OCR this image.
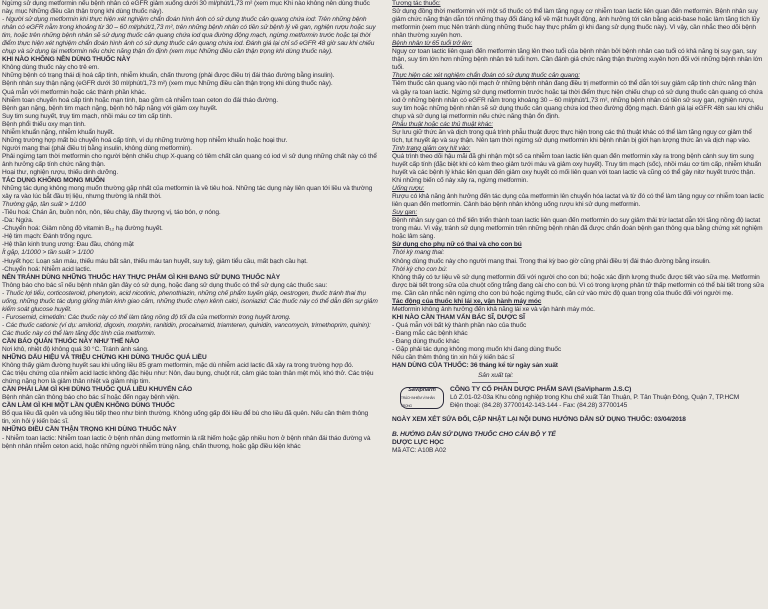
Ngừng sử dụng metformin nếu bệnh nhân có eGFR giảm xuống dưới 30 ml/phút/1,73 m² (xem mục Khi nào không nên dùng thuốc này, mục Những điều cần thận trọng khi dùng thuốc này).

- Người sử dụng metformin khi thực hiện xét nghiệm chẩn đoán hình ảnh có sử dụng thuốc cản quang chứa iod: Trên những bệnh nhân có eGFR nằm trong khoảng từ 30 – 60 ml/phút/1,73 m², trên những bệnh nhân có tiền sử bệnh lý về gan, nghiện rượu hoặc suy tim, hoặc trên những bệnh nhân sẽ sử dụng thuốc cản quang chứa iod qua đường động mạch, ngừng metformin trước hoặc tại thời điểm thực hiện xét nghiệm chẩn đoán hình ảnh có sử dụng thuốc cản quang chứa iod. Đánh giá lại chỉ số eGFR 48 giờ sau khi chiếu chụp và sử dụng lại metformin nếu chức năng thận ổn định (xem mục Những điều cần thận trọng khi dùng thuốc này).

KHI NÀO KHÔNG NÊN DÙNG THUỐC NÀY

Không dùng thuốc này cho trẻ em.

Những bệnh có trạng thái dị hoá cấp tính, nhiễm khuẩn, chấn thương (phải được điều trị đái tháo đường bằng insulin).

Bệnh nhân suy thận nặng (eGFR dưới 30 ml/phút/1,73 m²) (xem mục Những điều cần thận trọng khi dùng thuốc này).

Quá mẫn với metformin hoặc các thành phần khác.

Nhiễm toan chuyển hoá cấp tính hoặc mạn tính, bao gồm cả nhiễm toan ceton do đái tháo đường.

Bệnh gan nặng, bệnh tim mạch nặng, bệnh hô hấp nặng với giảm oxy huyết.

Suy tim sung huyết, trụy tim mạch, nhồi máu cơ tim cấp tính.

Bệnh phổi thiếu oxy mạn tính.

Nhiễm khuẩn nặng, nhiễm khuẩn huyết.

Những trường hợp mất bù chuyển hoá cấp tính, ví dụ những trường hợp nhiễm khuẩn hoặc hoại thư.

Người mang thai (phải điều trị bằng insulin, không dùng metformin).

Phải ngừng tạm thời metformin cho người bệnh chiếu chụp X-quang có tiêm chất cản quang có iod vì sử dụng những chất này có thể ảnh hưởng cấp tính chức năng thận.

Hoại thư, nghiện rượu, thiếu dinh dưỡng.

TÁC DỤNG KHÔNG MONG MUỐN

Những tác dụng không mong muốn thường gặp nhất của metformin là về tiêu hoá. Những tác dụng này liên quan tới liều và thường xảy ra vào lúc bắt đầu trị liệu, nhưng thường là nhất thời.

Thường gặp, tần suất > 1/100

-Tiêu hoá: Chán ăn, buồn nôn, nôn, tiêu chảy, đầy thượng vị, táo bón, ợ nóng.

-Da: Ngứa.

-Chuyển hoá: Giảm nồng độ vitamin B₁₂ hạ đường huyết.

-Hệ tim mạch: Đánh trống ngực.

-Hệ thần kinh trung ương: Đau đầu, chóng mặt

Ít gặp, 1/1000 > tần suất > 1/100

-Huyết học: Loạn sản máu, thiếu máu bất sản, thiếu máu tan huyết, suy tuỷ, giảm tiểu cầu, mất bạch cầu hạt.

-Chuyển hoá: Nhiễm acid lactic.

NÊN TRÁNH DÙNG NHỮNG THUỐC HAY THỰC PHẨM GÌ KHI ĐANG SỬ DỤNG THUỐC NÀY

Thông báo cho bác sĩ nếu bệnh nhân gần đây có sử dụng, hoặc đang sử dụng thuốc có thể sử dụng các thuốc sau:

- Thuốc lợi tiểu, corticosteroid, phenytoin, acid nicotinic, phenothiazin, những chế phẩm tuyến giáp, oestrogen, thuốc tránh thai thụ uống, những thuốc tác dụng giống thần kinh giao cảm, những thuốc chẹn kênh calci, isoniazid: Các thuốc này có thể dẫn đến sự giảm kiểm soát glucose huyết.

- Furosemid, cimetidin: Các thuốc này có thể làm tăng nồng độ tối đa của metformin trong huyết tương.

- Các thuốc cationic (ví dụ: amilorid, digoxin, morphin, ranitidin, procainamid, triamteren, quinidin, vancomycin, trimethoprim, quinin): Các thuốc này có thể làm tăng độc tính của metformin.

CẦN BÁO QUẢN THUỐC NÀY NHƯ THẾ NÀO

Nơi khô, nhiệt độ không quá 30 °C. Tránh ánh sáng.

NHỮNG DẤU HIỆU VÀ TRIỆU CHỨNG KHI DÙNG THUỐC QUÁ LIỀU

Không thấy giảm đường huyết sau khi uống liều 85 gram metformin, mặc dù nhiễm acid lactic đã xảy ra trong trường hợp đó.

Các triệu chứng của nhiễm acid lactic không đặc hiệu như: Nôn, đau bụng, chuột rút, cảm giác toàn thân mệt mỏi, khó thở. Các triệu chứng nặng hơn là giảm thân nhiệt và giảm nhịp tim.

CẦN PHẢI LÀM GÌ KHI DÙNG THUỐC QUÁ LIỀU KHUYẾN CÁO

Bệnh nhân cần thông báo cho bác sĩ hoặc đến ngay bệnh viện.

CẦN LÀM GÌ KHI MỘT LẦN QUÊN KHÔNG DÙNG THUỐC

Bổ qua liều đã quên và uống liều tiếp theo như bình thường. Không uống gấp đôi liều để bù cho liều đã quên. Nếu cần thêm thông tin, xin hỏi ý kiến bác sĩ.

NHỮNG ĐIỀU CẦN THẬN TRỌNG KHI DÙNG THUỐC NÀY

- Nhiễm toan lactic: Nhiễm toan lactic ở bệnh nhân dùng metformin là rất hiếm hoặc gặp nhiều hơn ở bệnh nhân đái tháo đường và bệnh nhân nhiễm ceton acid, hoặc những người nhiễm trùng nặng, chấn thương, hoặc gặp điều kiện khác

Tương tác thuốc:

Sử dụng đồng thời metformin với một số thuốc có thể làm tăng nguy cơ nhiễm toan lactic liên quan đến metformin. Bệnh nhân suy giảm chức năng thận dẫn tới những thay đổi đáng kể về mặt huyết động, ảnh hưởng tới cân bằng acid-base hoặc làm tăng tích lũy metformin (xem mục Nên tránh dùng những thuốc hay thực phẩm gì khi đang sử dụng thuốc này). Vì vậy, cần nhắc theo dõi bệnh nhân thường xuyên hơn.

Bệnh nhân từ 65 tuổi trở lên:

Nguy cơ toan lactic liên quan đến metformin tăng lên theo tuổi của bệnh nhân bởi bệnh nhân cao tuổi có khả năng bị suy gan, suy thận, suy tim lớn hơn những bệnh nhân trẻ tuổi hơn. Cần đánh giá chức năng thận thường xuyên hơn đối với những bệnh nhân lớn tuổi.

Thực hiện các xét nghiệm chẩn đoán có sử dụng thuốc cản quang:

Tiêm thuốc cản quang vào nội mạch ở những bệnh nhân đang điều trị metformin có thể dẫn tới suy giảm cấp tính chức năng thận và gây ra toan lactic. Ngừng sử dụng metformin trước hoặc tại thời điểm thực hiện chiếu chụp có sử dụng thuốc cản quang có chứa iod ở những bệnh nhân có eGFR nằm trong khoảng 30 – 60 ml/phút/1,73 m², những bệnh nhân có tiền sử suy gan, nghiện rượu, suy tim hoặc những bệnh nhân sẽ sử dụng thuốc cản quang chứa iod theo đường động mạch. Đánh giá lại eGFR 48h sau khi chiếu chụp và sử dụng lại metformin nếu chức năng thận ổn định.

Phẫu thuật hoặc các thủ thuật khác:

Sự lưu giữ thức ăn và dịch trong quá trình phẫu thuật được thực hiện trong các thủ thuật khác có thể làm tăng nguy cơ giảm thể tích, tụt huyết áp và suy thận. Nên tạm thời ngừng sử dụng metformin khi bệnh nhân bị giới hạn lượng thức ăn và dịch nạp vào.

Tình trạng giảm oxy hít vào:

Quá trình theo dõi hậu mãi đã ghi nhận một số ca nhiễm toan lactic liên quan đến metformin xảy ra trong bệnh cảnh suy tim sung huyết cấp tính (đặc biệt khi có kèm theo giảm tưới máu và giảm oxy huyết). Truy tim mạch (sốc), nhồi máu cơ tim cấp, nhiễm khuẩn huyết và các bệnh lý khác liên quan đến giảm oxy huyết có mối liên quan với toan lactic và cũng có thể gây nitơ huyết trước thận. Khi những biến cố này xảy ra, ngừng metformin.

Uống rượu:

Rượu có khả năng ảnh hưởng đến tác dụng của metformin lên chuyển hóa lactat và từ đó có thể làm tăng nguy cơ nhiễm toan lactic liên quan đến metformin. Cảnh báo bệnh nhân không uống rượu khi sử dụng metformin.

Suy gan:

Bệnh nhân suy gan có thể tiến triển thành toan lactic liên quan đến metformin do suy giảm thải trừ lactat dẫn tới tăng nồng độ lactat trong máu. Vì vậy, tránh sử dụng metformin trên những bệnh nhân đã được chẩn đoán bệnh gan thông qua bằng chứng xét nghiệm hoặc lâm sàng.

Sử dụng cho phụ nữ có thai và cho con bú

Thời kỳ mang thai:

Không dùng thuốc này cho người mang thai. Trong thai kỳ bao giờ cũng phải điều trị đái tháo đường bằng insulin.

Thời kỳ cho con bú:

Không thấy có tư liệu về sử dụng metformin đối với người cho con bú; hoặc xác định lượng thuốc được tiết vào sữa mẹ. Metformin được bài tiết trong sữa của chuột cống trắng đang cài cho con bú. Vì có trong lượng phân tử thấp metformin có thể bài tiết trong sữa mẹ. Cần cân nhắc nên ngừng cho con bú hoặc ngừng thuốc, căn cứ vào mức độ quan trọng của thuốc đối với người mẹ.

Tác động của thuốc khi lái xe, vận hành máy móc

Metformin không ảnh hưởng đến khả năng lái xe và vận hành máy móc.

KHI NÀO CẦN THAM VẤN BÁC SĨ, DƯỢC SĨ

- Quá mẫn với bất kỳ thành phần nào của thuốc

- Đang mắc các bệnh khác

- Đang dùng thuốc khác

- Gặp phải tác dụng không mong muốn khi đang dùng thuốc

Nếu cần thêm thông tin xin hỏi ý kiến bác sĩ

HẠN DÙNG CỦA THUỐC: 36 tháng kể từ ngày sản xuất

Sản xuất tại:
SaVipharm
TRÁCH NHIỆM VÌ NHÂN TRỌNG
CÔNG TY CỔ PHẦN DƯỢC PHẨM SAVI (SaVipharm J.S.C)
Lô Z.01-02-03a Khu công nghiệp trong Khu chế xuất Tân Thuận, P. Tân Thuận Đông, Quận 7, TP.HCM
Điện thoại: (84.28) 37700142-143-144 - Fax: (84.28) 37700145

NGÀY XEM XÉT SỬA ĐỔI, CẬP NHẬT LẠI NỘI DUNG HƯỚNG DẪN SỬ DỤNG THUỐC: 03/04/2018

B. HƯỚNG DẪN SỬ DỤNG THUỐC CHO CÁN BỘ Y TẾ

DƯỢC LỰC HỌC

Mã ATC: A10B A02
